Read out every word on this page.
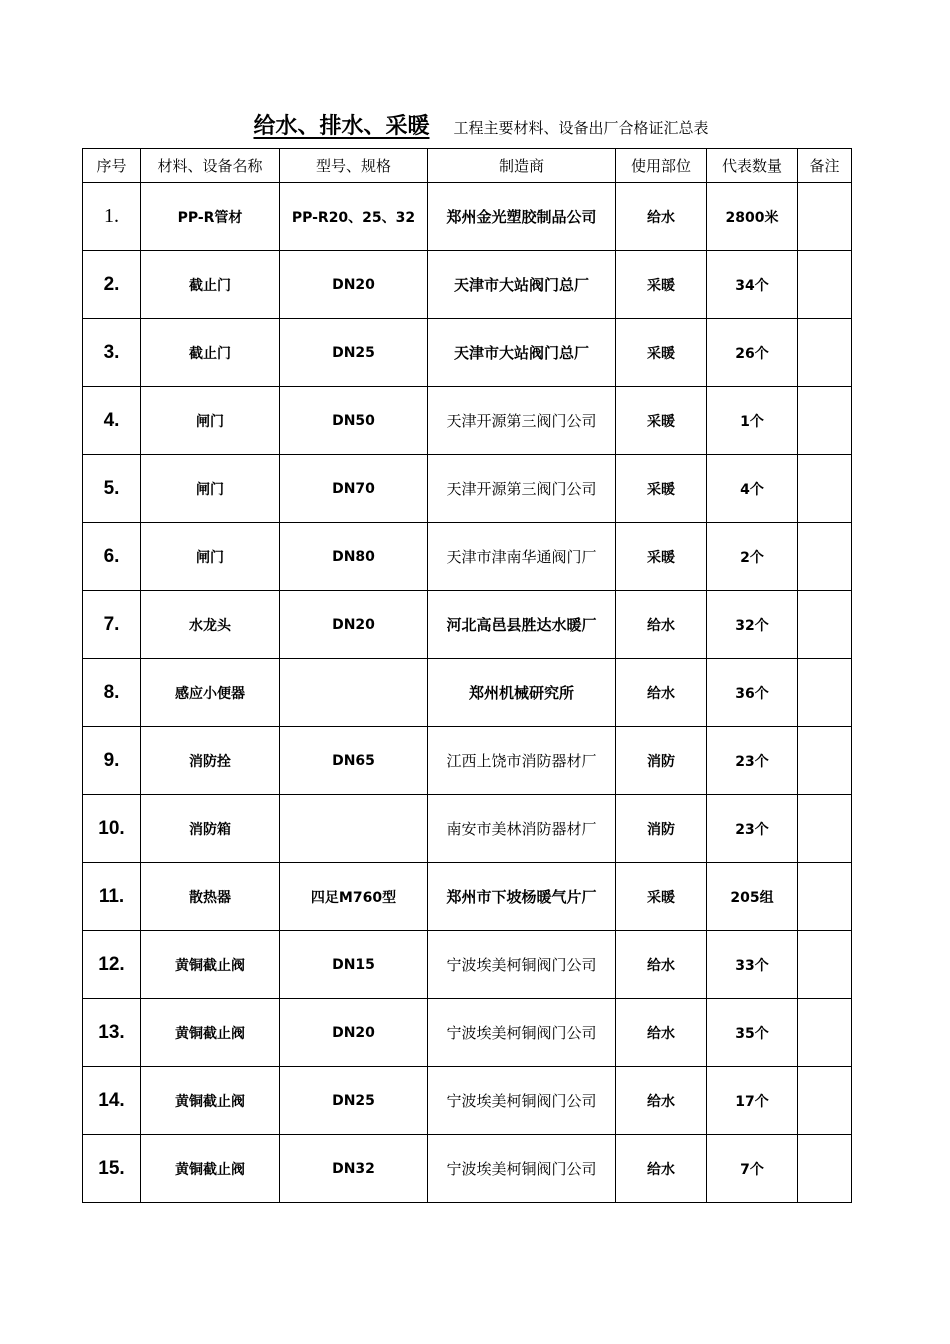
给水、排水、采暖 工程主要材料、设备出厂合格证汇总表
序号	材料、设备名称	型号、规格	制造商	使用部位	代表数量	备注
1.	PP-R管材	PP-R20、25、32	郑州金光塑胶制品公司	给水	2800米	
2.	截止门	DN20	天津市大站阀门总厂	采暖	34个	
3.	截止门	DN25	天津市大站阀门总厂	采暖	26个	
4.	闸门	DN50	天津开源第三阀门公司	采暖	1个	
5.	闸门	DN70	天津开源第三阀门公司	采暖	4个	
6.	闸门	DN80	天津市津南华通阀门厂	采暖	2个	
7.	水龙头	DN20	河北高邑县胜达水暖厂	给水	32个	
8.	感应小便器		郑州机械研究所	给水	36个	
9.	消防拴	DN65	江西上饶市消防器材厂	消防	23个	
10.	消防箱		南安市美林消防器材厂	消防	23个	
11.	散热器	四足M760型	郑州市下坡杨暖气片厂	采暖	205组	
12.	黄铜截止阀	DN15	宁波埃美柯铜阀门公司	给水	33个	
13.	黄铜截止阀	DN20	宁波埃美柯铜阀门公司	给水	35个	
14.	黄铜截止阀	DN25	宁波埃美柯铜阀门公司	给水	17个	
15.	黄铜截止阀	DN32	宁波埃美柯铜阀门公司	给水	7个	
